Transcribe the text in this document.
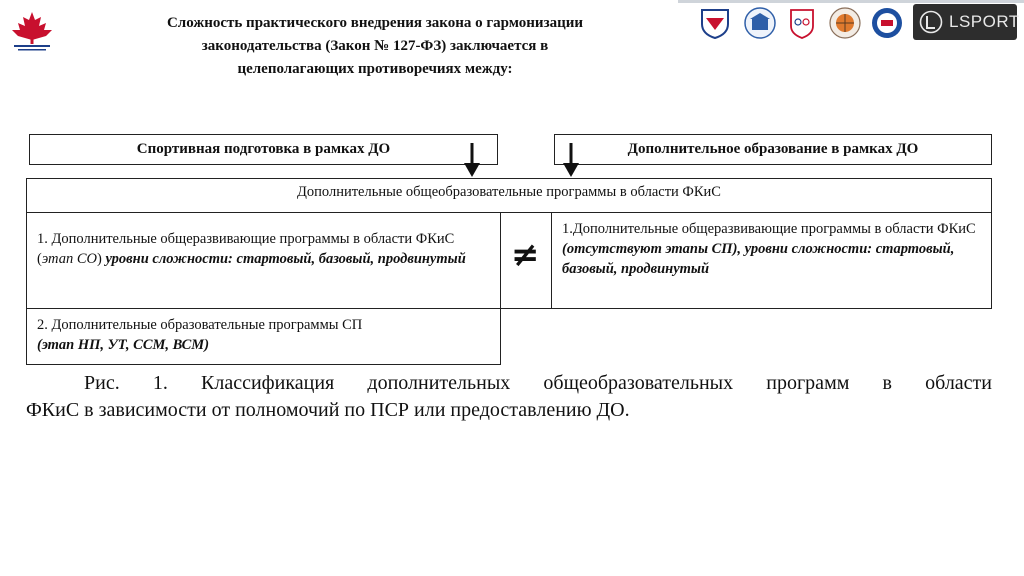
Сложность практического внедрения закона о гармонизации
законодательства (Закон № 127-ФЗ) заключается в
целеполагающих противоречиях между:
LSPORT
Спортивная подготовка в рамках ДО	Дополнительное образование в рамках ДО
Дополнительные общеобразовательные программы в области ФКиС
1. Дополнительные общеразвивающие программы в области ФКиС (этап СО) уровни сложности: стартовый, базовый, продвинутый	≠
1.Дополнительные общеразвивающие программы в области ФКиС (отсутствуют этапы СП), уровни сложности: стартовый, базовый, продвинутый
2. Дополнительные образовательные программы СП
(этап НП, УТ, ССМ, ВСМ)
Рис. 1. Классификация дополнительных общеобразовательных программ в области
ФКиС в зависимости от полномочий по ПСР или предоставлению ДО.
